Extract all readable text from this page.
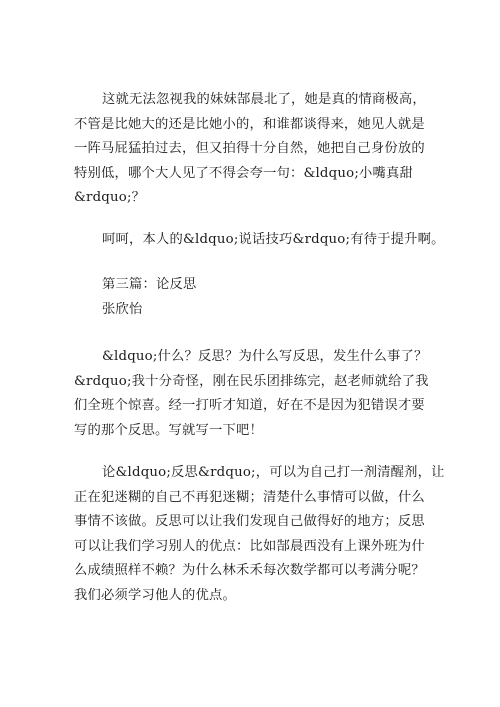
这就无法忽视我的妹妹郜晨北了，她是真的情商极高，
不管是比她大的还是比她小的，和谁都谈得来，她见人就是
一阵马屁猛拍过去，但又拍得十分自然，她把自己身份放的
特别低，哪个大人见了不得会夸一句：&ldquo;小嘴真甜
&rdquo;？
呵呵，本人的&ldquo;说话技巧&rdquo;有待于提升啊。
第三篇：论反思
张欣怡
&ldquo;什么？反思？为什么写反思，发生什么事了？
&rdquo;我十分奇怪，刚在民乐团排练完，赵老师就给了我
们全班个惊喜。经一打听才知道，好在不是因为犯错误才要
写的那个反思。写就写一下吧！
论&ldquo;反思&rdquo;，可以为自己打一剂清醒剂，让
正在犯迷糊的自己不再犯迷糊；清楚什么事情可以做，什么
事情不该做。反思可以让我们发现自己做得好的地方；反思
可以让我们学习别人的优点：比如郜晨西没有上课外班为什
么成绩照样不赖？为什么林禾禾每次数学都可以考满分呢？
我们必须学习他人的优点。
